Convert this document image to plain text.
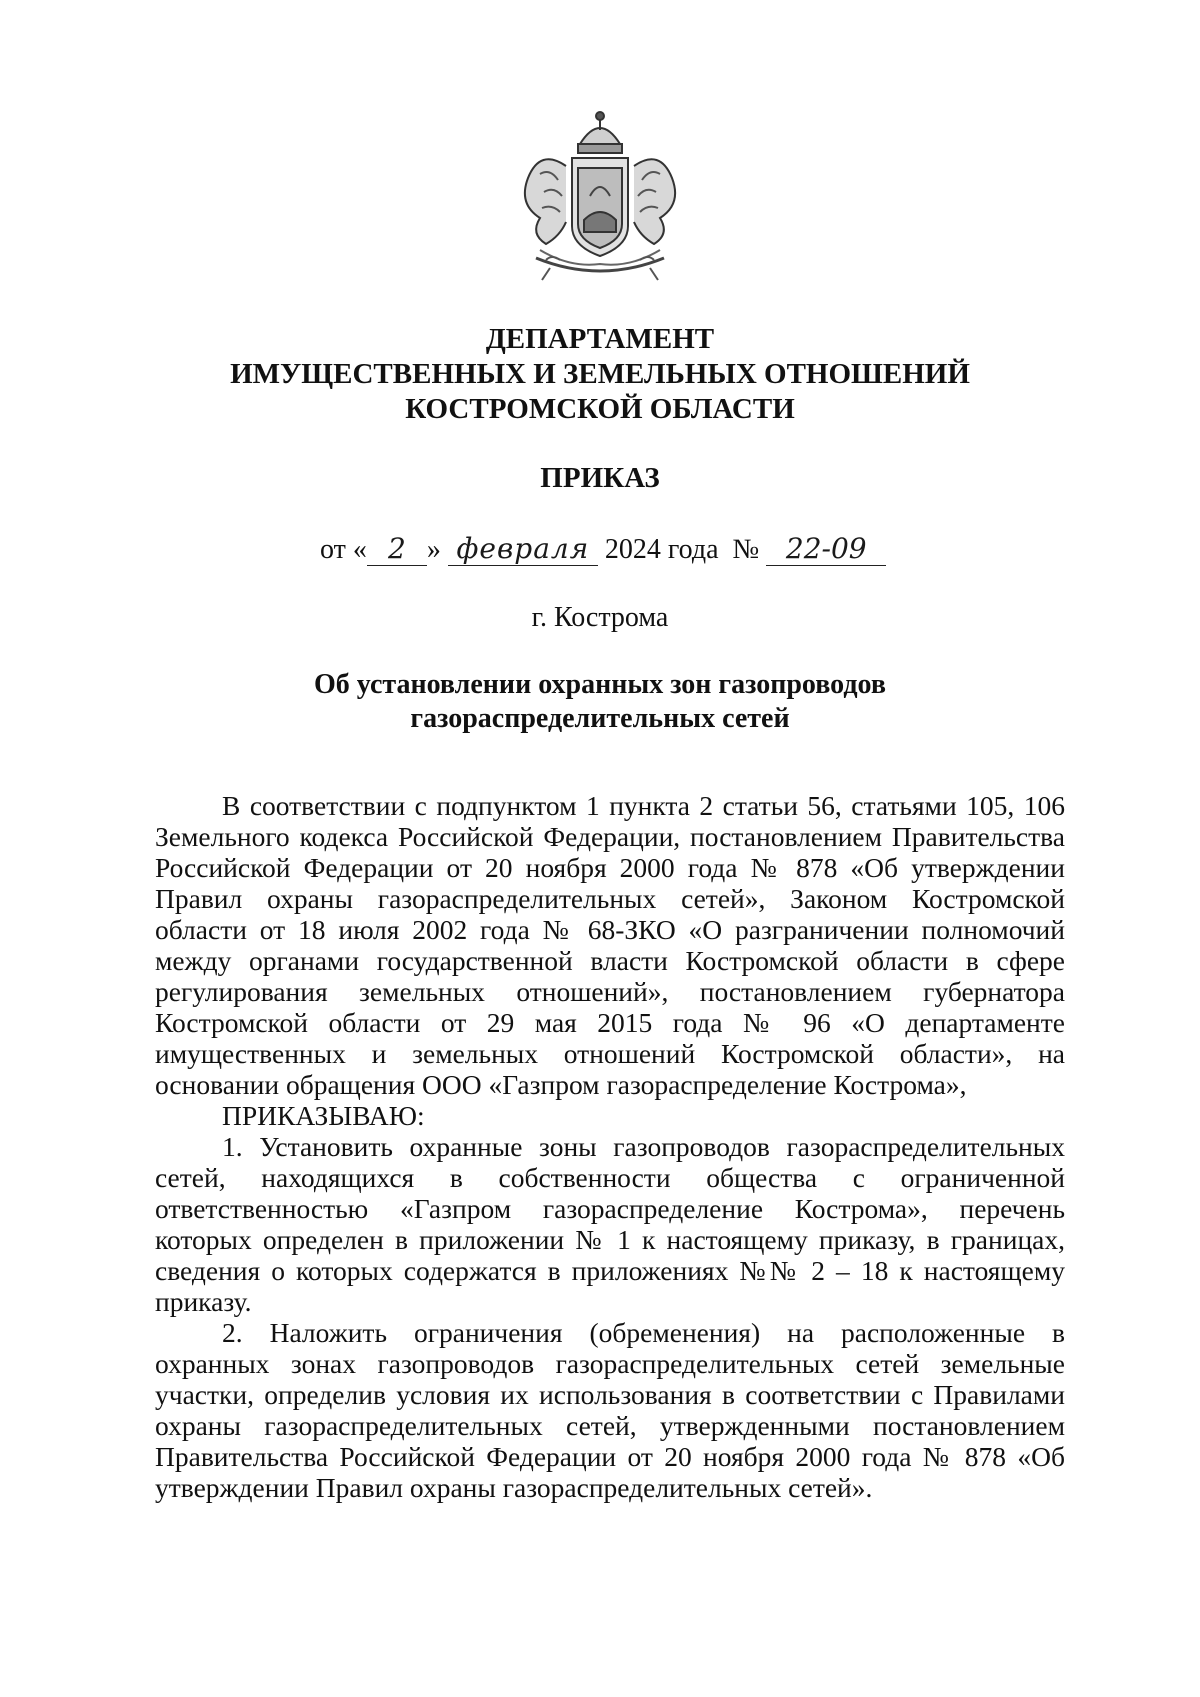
ДЕПАРТАМЕНТ
ИМУЩЕСТВЕННЫХ И ЗЕМЕЛЬНЫХ ОТНОШЕНИЙ
КОСТРОМСКОЙ ОБЛАСТИ
ПРИКАЗ
от « 2 » февраля 2024 года № 22-09
г. Кострома
Об установлении охранных зон газопроводов
газораспределительных сетей

В соответствии с подпунктом 1 пункта 2 статьи 56, статьями 105, 106 Земельного кодекса Российской Федерации, постановлением Правительства Российской Федерации от 20 ноября 2000 года № 878 «Об утверждении Правил охраны газораспределительных сетей», Законом Костромской области от 18 июля 2002 года № 68-ЗКО «О разграничении полномочий между органами государственной власти Костромской области в сфере регулирования земельных отношений», постановлением губернатора Костромской области от 29 мая 2015 года № 96 «О департаменте имущественных и земельных отношений Костромской области», на основании обращения ООО «Газпром газораспределение Кострома»,

ПРИКАЗЫВАЮ:

1. Установить охранные зоны газопроводов газораспределительных сетей, находящихся в собственности общества с ограниченной ответственностью «Газпром газораспределение Кострома», перечень которых определен в приложении № 1 к настоящему приказу, в границах, сведения о которых содержатся в приложениях №№ 2 – 18 к настоящему приказу.

2. Наложить ограничения (обременения) на расположенные в охранных зонах газопроводов газораспределительных сетей земельные участки, определив условия их использования в соответствии с Правилами охраны газораспределительных сетей, утвержденными постановлением Правительства Российской Федерации от 20 ноября 2000 года № 878 «Об утверждении Правил охраны газораспределительных сетей».
